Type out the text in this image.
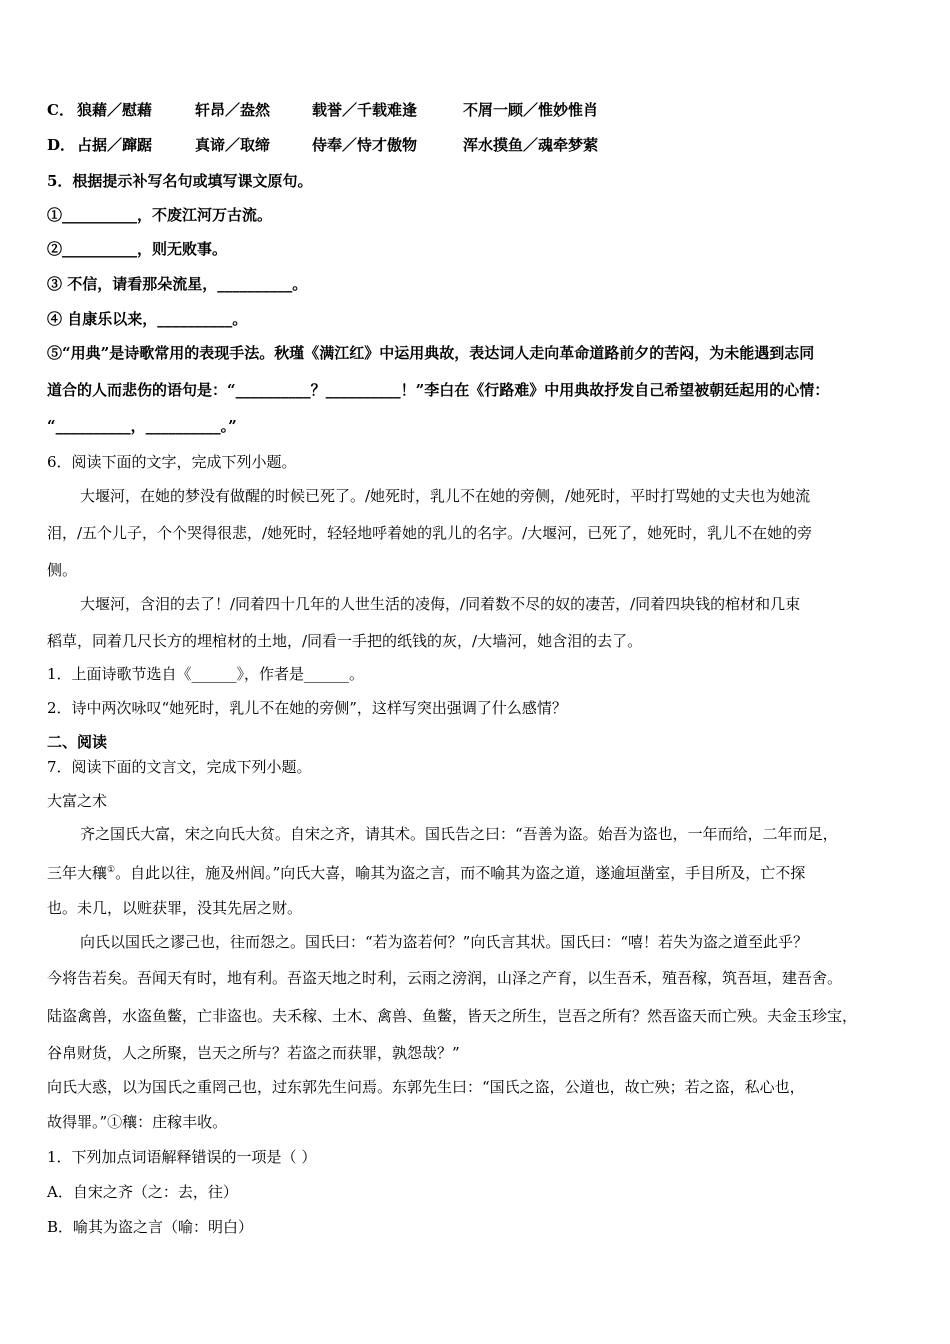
C． 狼藉／慰藉	轩昂／盎然	载誉／千载难逢	不屑一顾／惟妙惟肖
D． 占据／蹿踞	真谛／取缔	侍奉／恃才傲物	浑水摸鱼／魂牵梦萦
5．根据提示补写名句或填写课文原句。
①__________，不废江河万古流。
②__________，则无败事。
③ 不信，请看那朵流星，__________。
④ 自康乐以来，__________。
⑤“用典”是诗歌常用的表现手法。秋瑾《满江红》中运用典故，表达词人走向革命道路前夕的苦闷，为未能遇到志同
道合的人而悲伤的语句是：“__________？__________！”李白在《行路难》中用典故抒发自己希望被朝廷起用的心情：
“__________，__________。”
6．阅读下面的文字，完成下列小题。
大堰河，在她的梦没有做醒的时候已死了。/她死时，乳儿不在她的旁侧，/她死时，平时打骂她的丈夫也为她流
泪，/五个儿子，个个哭得很悲，/她死时，轻轻地呼着她的乳儿的名字。/大堰河，已死了，她死时，乳儿不在她的旁
侧。
大堰河，含泪的去了！/同着四十几年的人世生活的凌侮，/同着数不尽的奴的凄苦，/同着四块钱的棺材和几束
稻草，同着几尺长方的埋棺材的土地，/同看一手把的纸钱的灰，/大墙河，她含泪的去了。
1．上面诗歌节选自《______》，作者是______。
2．诗中两次咏叹“她死时，乳儿不在她的旁侧”，这样写突出强调了什么感情？
二、阅读
7．阅读下面的文言文，完成下列小题。
大富之术
齐之国氏大富，宋之向氏大贫。自宋之齐，请其术。国氏告之曰：“吾善为盗。始吾为盗也，一年而给，二年而足，
三年大穰①。自此以往，施及州闾。”向氏大喜，喻其为盗之言，而不喻其为盗之道，遂逾垣凿室，手目所及，亡不探
也。未几，以赃获罪，没其先居之财。
向氏以国氏之谬己也，往而怨之。国氏曰：“若为盗若何？”向氏言其状。国氏曰：“嘻！若失为盗之道至此乎？
今将告若矣。吾闻天有时，地有利。吾盗天地之时利，云雨之滂润，山泽之产育，以生吾禾，殖吾稼，筑吾垣，建吾舍。
陆盗禽兽，水盗鱼鳖，亡非盗也。夫禾稼、土木、禽兽、鱼鳖，皆天之所生，岂吾之所有？然吾盗天而亡殃。夫金玉珍宝，
谷帛财货，人之所聚，岂天之所与？若盗之而获罪，孰怨哉？”
向氏大惑，以为国氏之重罔己也，过东郭先生问焉。东郭先生曰：“国氏之盗，公道也，故亡殃；若之盗，私心也，
故得罪。”①穰：庄稼丰收。
1．下列加点词语解释错误的一项是（ ）
A．自宋之齐（之：去，往）
B．喻其为盗之言（喻：明白）
